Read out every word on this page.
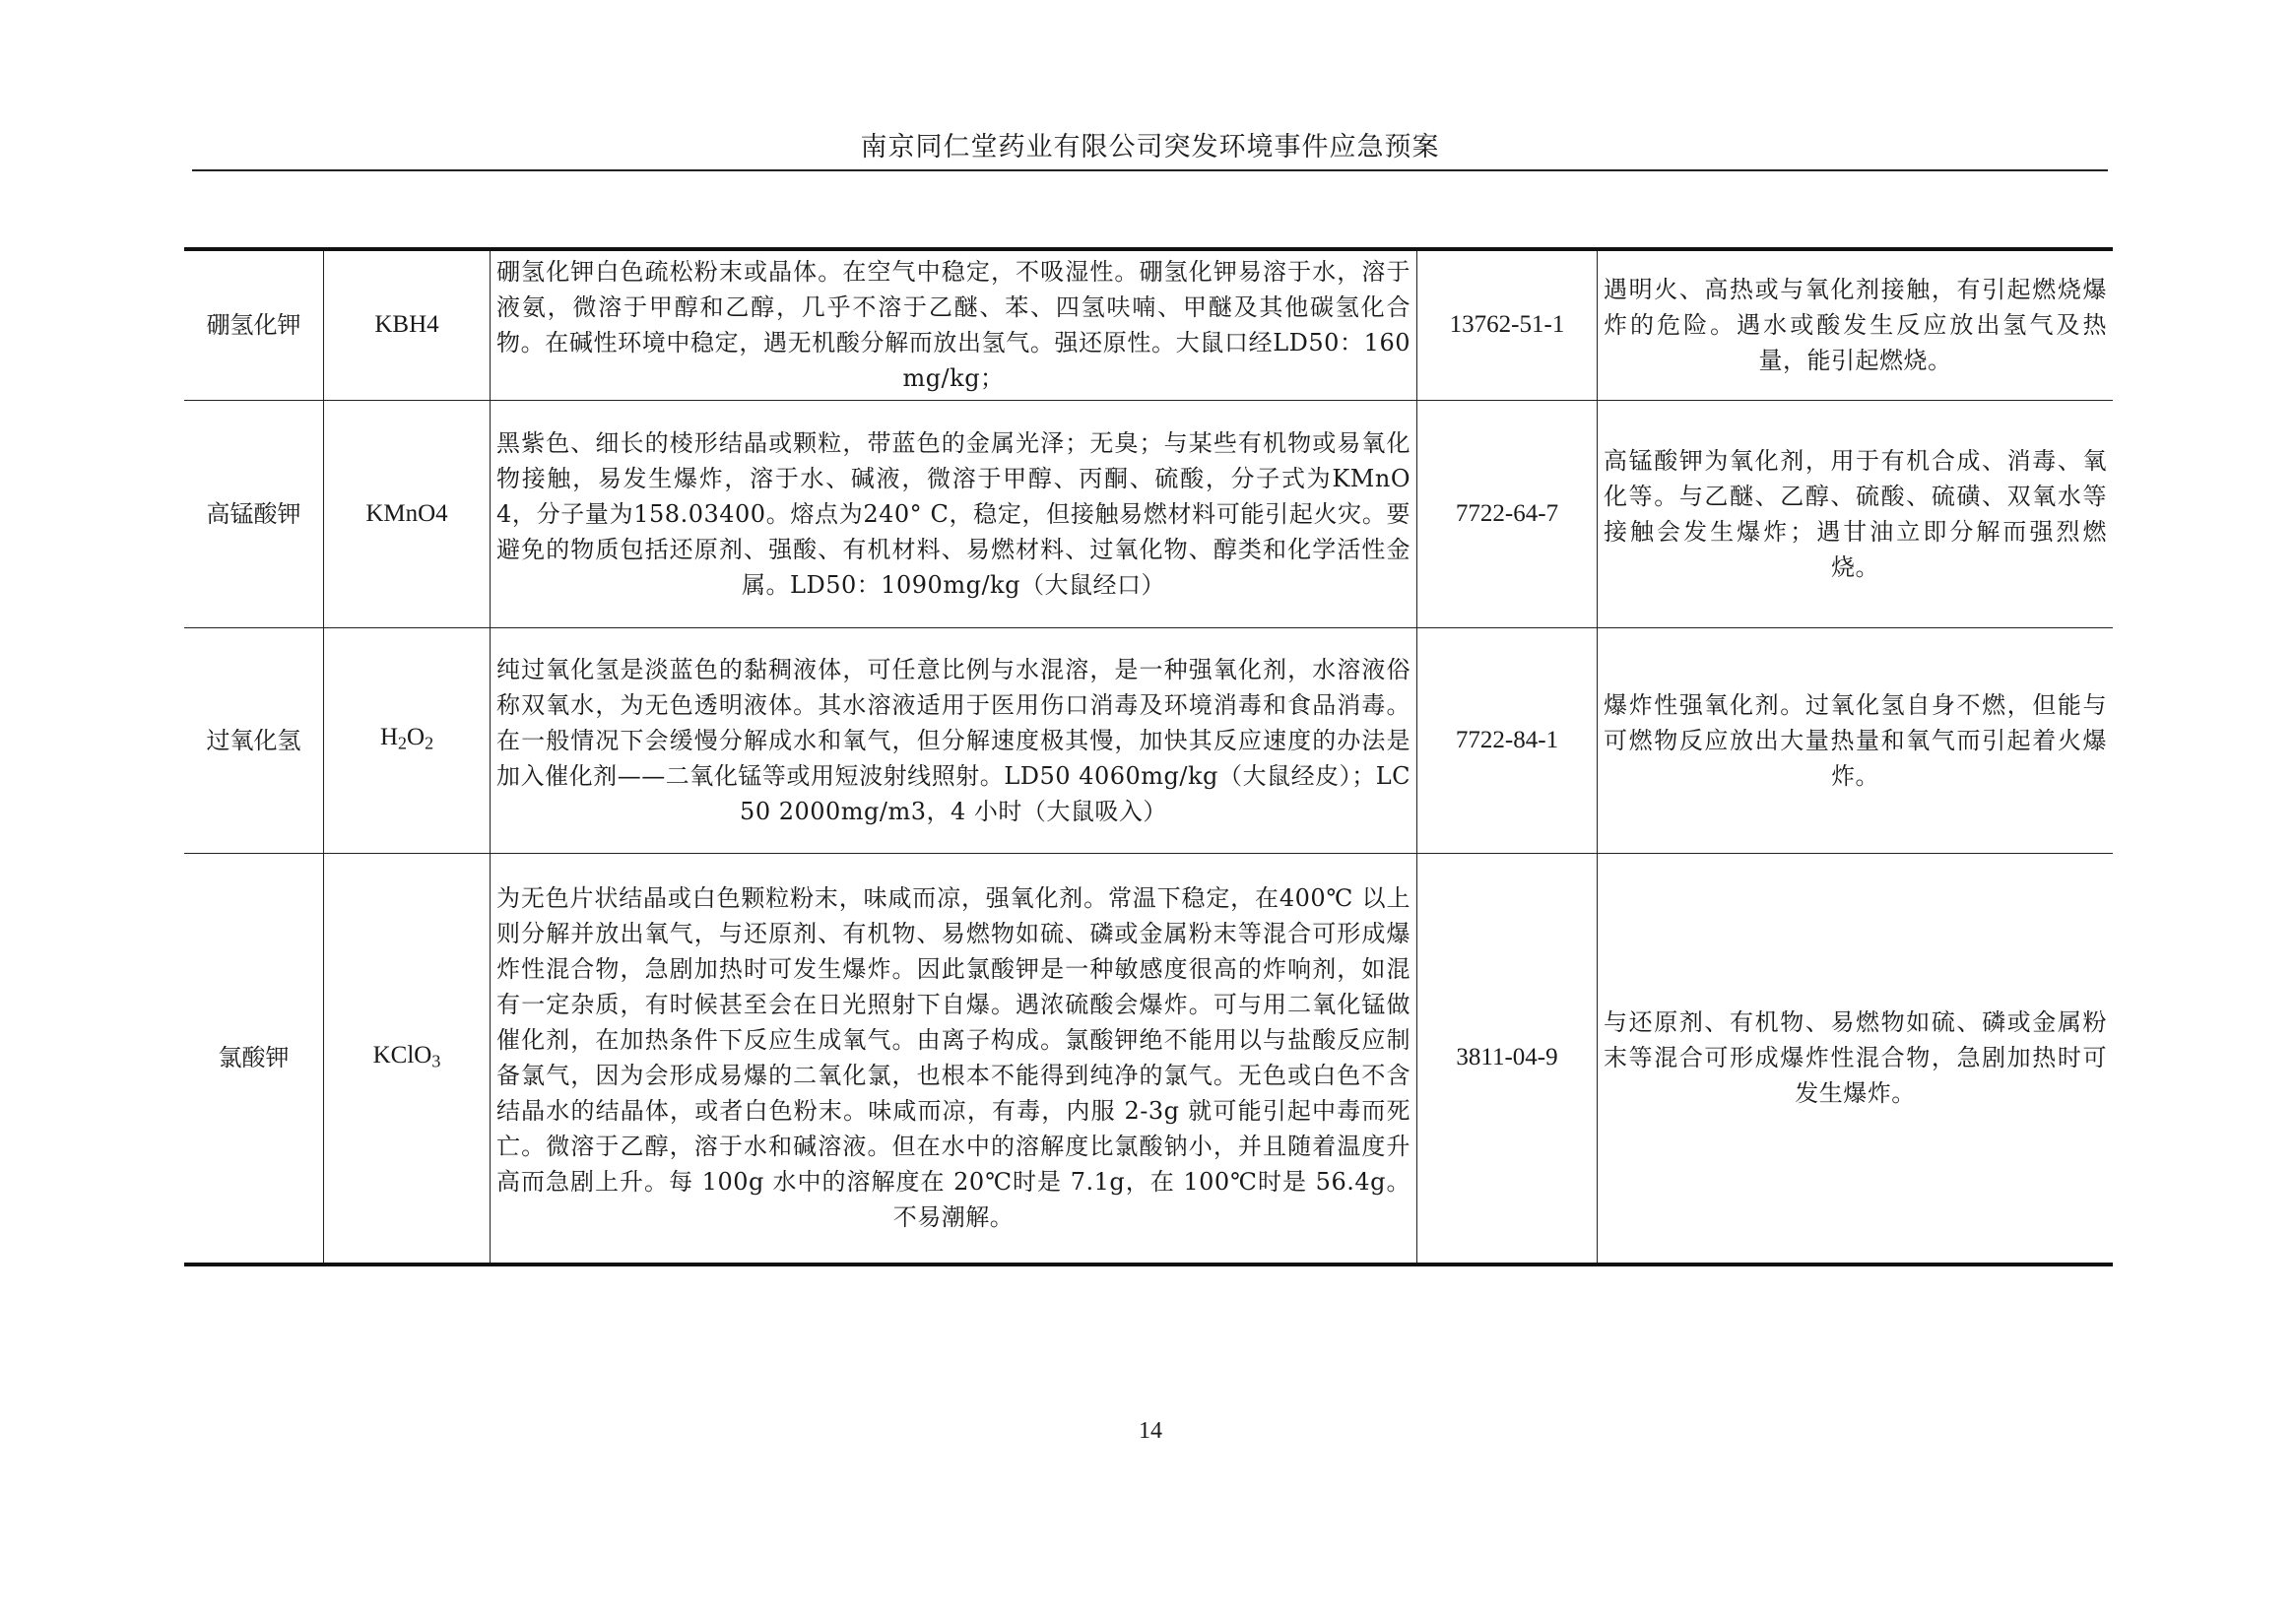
南京同仁堂药业有限公司突发环境事件应急预案
硼氢化钾	KBH4	硼氢化钾白色疏松粉末或晶体。在空气中稳定，不吸湿性。硼氢化钾易溶于水，溶于液氨，微溶于甲醇和乙醇，几乎不溶于乙醚、苯、四氢呋喃、甲醚及其他碳氢化合物。在碱性环境中稳定，遇无机酸分解而放出氢气。强还原性。大鼠口经LD50：160 mg/kg；	13762-51-1	遇明火、高热或与氧化剂接触，有引起燃烧爆炸的危险。遇水或酸发生反应放出氢气及热量，能引起燃烧。
高锰酸钾	KMnO4	黑紫色、细长的棱形结晶或颗粒，带蓝色的金属光泽；无臭；与某些有机物或易氧化物接触，易发生爆炸，溶于水、碱液，微溶于甲醇、丙酮、硫酸，分子式为KMnO4，分子量为158.03400。熔点为240° C，稳定，但接触易燃材料可能引起火灾。要避免的物质包括还原剂、强酸、有机材料、易燃材料、过氧化物、醇类和化学活性金属。LD50：1090mg/kg（大鼠经口）	7722-64-7	高锰酸钾为氧化剂，用于有机合成、消毒、氧化等。与乙醚、乙醇、硫酸、硫磺、双氧水等接触会发生爆炸；遇甘油立即分解而强烈燃烧。
过氧化氢	$H_2O_2$	纯过氧化氢是淡蓝色的黏稠液体，可任意比例与水混溶，是一种强氧化剂，水溶液俗称双氧水，为无色透明液体。其水溶液适用于医用伤口消毒及环境消毒和食品消毒。在一般情况下会缓慢分解成水和氧气，但分解速度极其慢，加快其反应速度的办法是加入催化剂——二氧化锰等或用短波射线照射。LD50 4060mg/kg（大鼠经皮）；LC50 2000mg/m3，4 小时（大鼠吸入）	7722-84-1	爆炸性强氧化剂。过氧化氢自身不燃，但能与可燃物反应放出大量热量和氧气而引起着火爆炸。
氯酸钾	KClO$_3$	为无色片状结晶或白色颗粒粉末，味咸而凉，强氧化剂。常温下稳定，在400℃ 以上则分解并放出氧气，与还原剂、有机物、易燃物如硫、磷或金属粉末等混合可形成爆炸性混合物，急剧加热时可发生爆炸。因此氯酸钾是一种敏感度很高的炸响剂，如混有一定杂质，有时候甚至会在日光照射下自爆。遇浓硫酸会爆炸。可与用二氧化锰做催化剂，在加热条件下反应生成氧气。由离子构成。氯酸钾绝不能用以与盐酸反应制备氯气，因为会形成易爆的二氧化氯，也根本不能得到纯净的氯气。无色或白色不含结晶水的结晶体，或者白色粉末。味咸而凉，有毒，内服 2-3g 就可能引起中毒而死亡。微溶于乙醇，溶于水和碱溶液。但在水中的溶解度比氯酸钠小，并且随着温度升高而急剧上升。每 100g 水中的溶解度在 20℃时是 7.1g，在 100℃时是 56.4g。不易潮解。	3811-04-9	与还原剂、有机物、易燃物如硫、磷或金属粉末等混合可形成爆炸性混合物，急剧加热时可发生爆炸。
14
